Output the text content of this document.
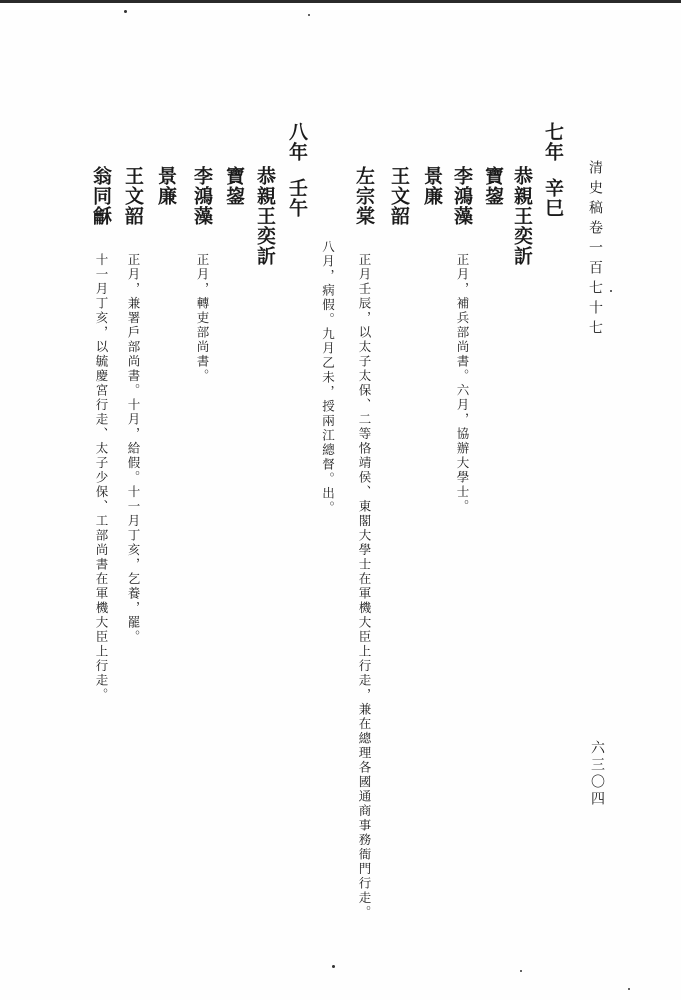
清史稿卷一百七十七
六三〇四
七年辛巳
恭親王奕訢
寶鋆
李鴻藻 正月，補兵部尚書。六月，協辦大學士。
景廉
王文韶
左宗棠 正月壬辰，以太子太保、二等恪靖侯、東閣大學士在軍機大臣上行走，兼在總理各國通商事務衙門行走。
八月，病假。九月乙未，授兩江總督。出。
八年壬午
恭親王奕訢
寶鋆
李鴻藻 正月，轉吏部尚書。
景廉
王文韶 正月，兼署戶部尚書。十月，給假。十一月丁亥，乞養，罷。
翁同龢 十一月丁亥，以毓慶宮行走、太子少保、工部尚書在軍機大臣上行走。
